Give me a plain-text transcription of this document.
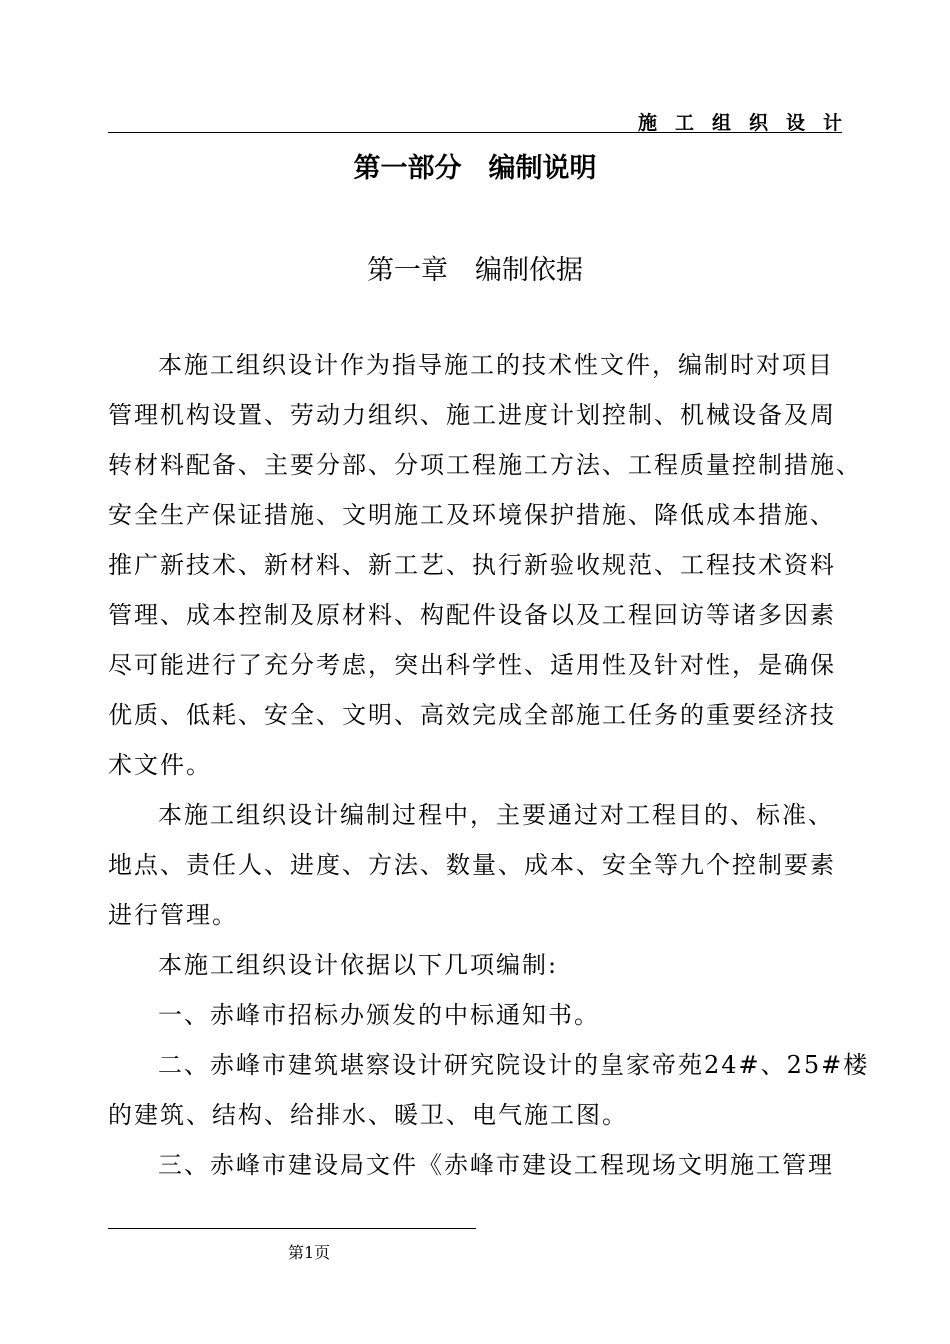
施工组织设计
第一部分　编制说明
第一章　编制依据
本施工组织设计作为指导施工的技术性文件，编制时对项目
管理机构设置、劳动力组织、施工进度计划控制、机械设备及周
转材料配备、主要分部、分项工程施工方法、工程质量控制措施、
安全生产保证措施、文明施工及环境保护措施、降低成本措施、
推广新技术、新材料、新工艺、执行新验收规范、工程技术资料
管理、成本控制及原材料、构配件设备以及工程回访等诸多因素
尽可能进行了充分考虑，突出科学性、适用性及针对性，是确保
优质、低耗、安全、文明、高效完成全部施工任务的重要经济技
术文件。
本施工组织设计编制过程中，主要通过对工程目的、标准、
地点、责任人、进度、方法、数量、成本、安全等九个控制要素
进行管理。
本施工组织设计依据以下几项编制:
一、赤峰市招标办颁发的中标通知书。
二、赤峰市建筑堪察设计研究院设计的皇家帝苑24#、25#楼
的建筑、结构、给排水、暖卫、电气施工图。
三、赤峰市建设局文件《赤峰市建设工程现场文明施工管理
第1页
